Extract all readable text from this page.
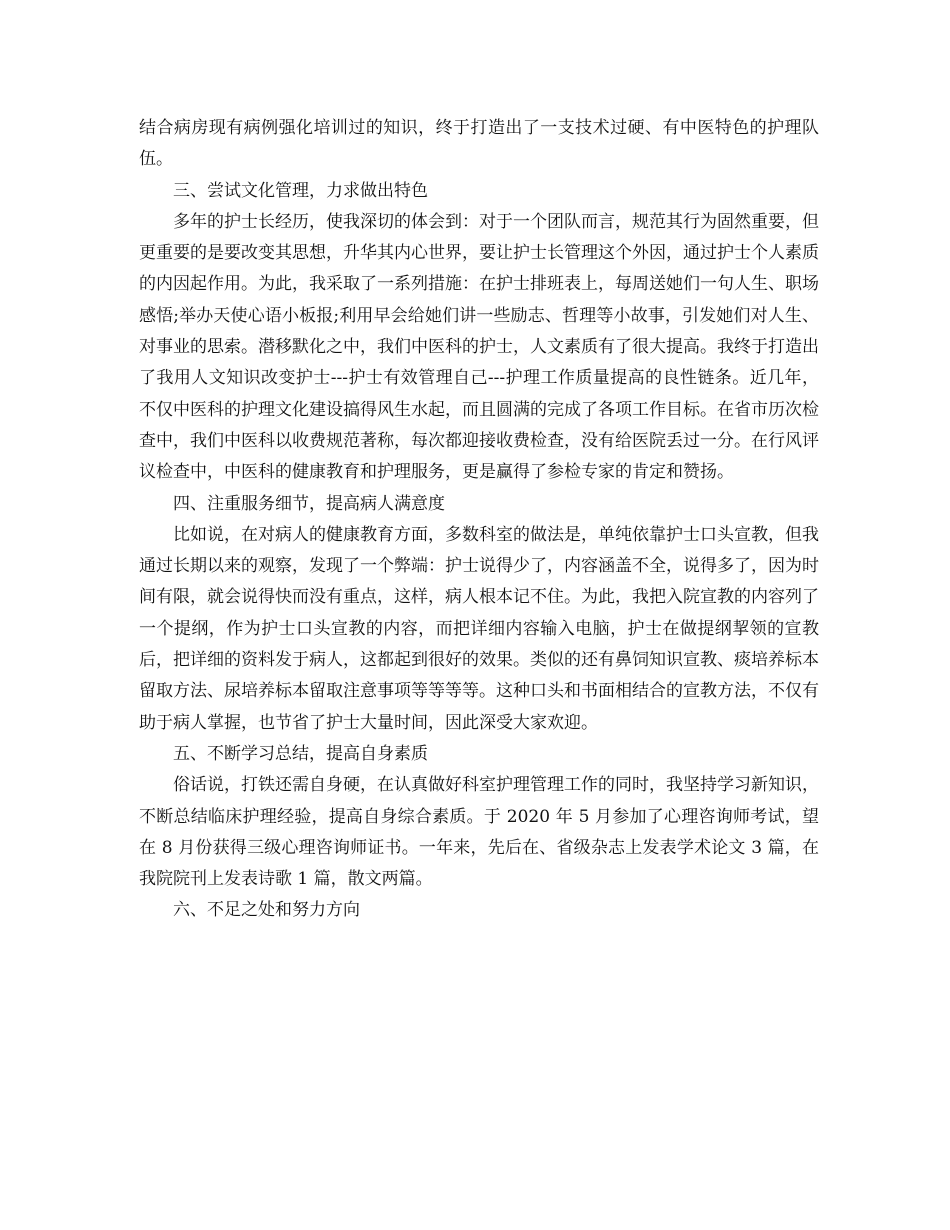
结合病房现有病例强化培训过的知识，终于打造出了一支技术过硬、有中医特色的护理队伍。

三、尝试文化管理，力求做出特色

多年的护士长经历，使我深切的体会到：对于一个团队而言，规范其行为固然重要，但更重要的是要改变其思想，升华其内心世界，要让护士长管理这个外因，通过护士个人素质的内因起作用。为此，我采取了一系列措施：在护士排班表上，每周送她们一句人生、职场感悟;举办天使心语小板报;利用早会给她们讲一些励志、哲理等小故事，引发她们对人生、对事业的思索。潜移默化之中，我们中医科的护士，人文素质有了很大提高。我终于打造出了我用人文知识改变护士---护士有效管理自己---护理工作质量提高的良性链条。近几年，不仅中医科的护理文化建设搞得风生水起，而且圆满的完成了各项工作目标。在省市历次检查中，我们中医科以收费规范著称，每次都迎接收费检查，没有给医院丢过一分。在行风评议检查中，中医科的健康教育和护理服务，更是赢得了参检专家的肯定和赞扬。

四、注重服务细节，提高病人满意度

比如说，在对病人的健康教育方面，多数科室的做法是，单纯依靠护士口头宣教，但我通过长期以来的观察，发现了一个弊端：护士说得少了，内容涵盖不全，说得多了，因为时间有限，就会说得快而没有重点，这样，病人根本记不住。为此，我把入院宣教的内容列了一个提纲，作为护士口头宣教的内容，而把详细内容输入电脑，护士在做提纲挈领的宣教后，把详细的资料发于病人，这都起到很好的效果。类似的还有鼻饲知识宣教、痰培养标本留取方法、尿培养标本留取注意事项等等等等。这种口头和书面相结合的宣教方法，不仅有助于病人掌握，也节省了护士大量时间，因此深受大家欢迎。

五、不断学习总结，提高自身素质

俗话说，打铁还需自身硬，在认真做好科室护理管理工作的同时，我坚持学习新知识，不断总结临床护理经验，提高自身综合素质。于 2020 年 5 月参加了心理咨询师考试，望在 8 月份获得三级心理咨询师证书。一年来，先后在、省级杂志上发表学术论文 3 篇，在我院院刊上发表诗歌 1 篇，散文两篇。

六、不足之处和努力方向
